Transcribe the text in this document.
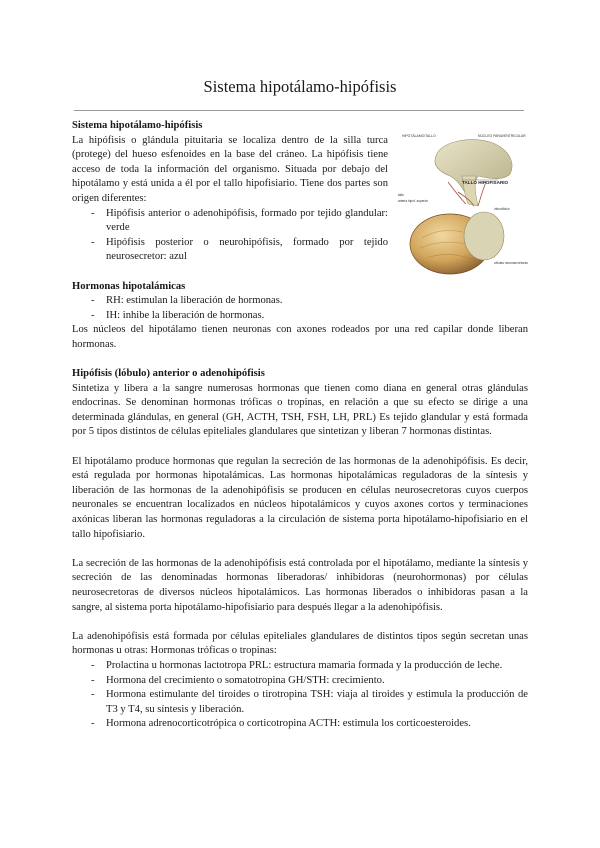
Sistema hipotálamo-hipófisis

Sistema hipotálamo-hipófisis

La hipófisis o glándula pituitaria se localiza dentro de la silla turca (protege) del hueso esfenoides en la base del cráneo. La hipófisis tiene acceso de toda la información del organismo. Situada por debajo del hipotálamo y está unida a él por el tallo hipofisiario. Tiene dos partes son origen diferentes:

- Hipófisis anterior o adenohipófisis, formado por tejido glandular: verde
- Hipófisis posterior o neurohipófisis, formado por tejido neurosecretor: azul

Hormonas hipotalámicas

- RH: estimulan la liberación de hormonas.
- IH: inhibe la liberación de hormonas.

Los núcleos del hipotálamo tienen neuronas con axones rodeados por una red capilar donde liberan hormonas.

Hipófisis (lóbulo) anterior o adenohipófisis

Sintetiza y libera a la sangre numerosas hormonas que tienen como diana en general otras glándulas endocrinas. Se denominan hormonas tróficas o tropinas, en relación a que su efecto se dirige a una determinada glándulas, en general (GH, ACTH, TSH, FSH, LH, PRL) Es tejido glandular y está formada por 5 tipos distintos de células epiteliales glandulares que sintetizan y liberan 7 hormonas distintas.

El hipotálamo produce hormonas que regulan la secreción de las hormonas de la adenohipófisis. Es decir, está regulada por hormonas hipotalámicas. Las hormonas hipotalámicas reguladoras de la síntesis y liberación de las hormonas de la adenohipófisis se producen en células neurosecretoras cuyos cuerpos neuronales se encuentran localizados en núcleos hipotalámicos y cuyos axones cortos y terminaciones axónicas liberan las hormonas reguladoras a la circulación de sistema porta hipotálamo-hipofisiario en el tallo hipofisiario.

La secreción de las hormonas de la adenohipófisis está controlada por el hipotálamo, mediante la síntesis y secreción de las denominadas hormonas liberadoras/ inhibidoras (neurohormonas) por células neurosecretoras de diversos núcleos hipotalámicos. Las hormonas liberados o inhibidoras pasan a la sangre, al sistema porta hipotálamo-hipofisiario para después llegar a la adenohipófisis.

La adenohipófisis está formada por células epiteliales glandulares de distintos tipos según secretan unas hormonas u otras: Hormonas tróficas o tropinas:

- Prolactina u hormonas lactotropa PRL: estructura mamaria formada y la producción de leche.
- Hormona del crecimiento o somatotropina GH/STH: crecimiento.
- Hormona estimulante del tiroides o tirotropina TSH: viaja al tiroides y estimula la producción de T3 y T4, su síntesis y liberación.
- Hormona adrenocorticotrópica o corticotropina ACTH: estimula los corticoesteroides.
HIPOTÁLAMO/TALLO	NÚCLEO PARAVENTRICULAR
TALLO HIPOFISARIO
tallo
arteria hipof. superior
infundíbulo
células neurosecretoras
